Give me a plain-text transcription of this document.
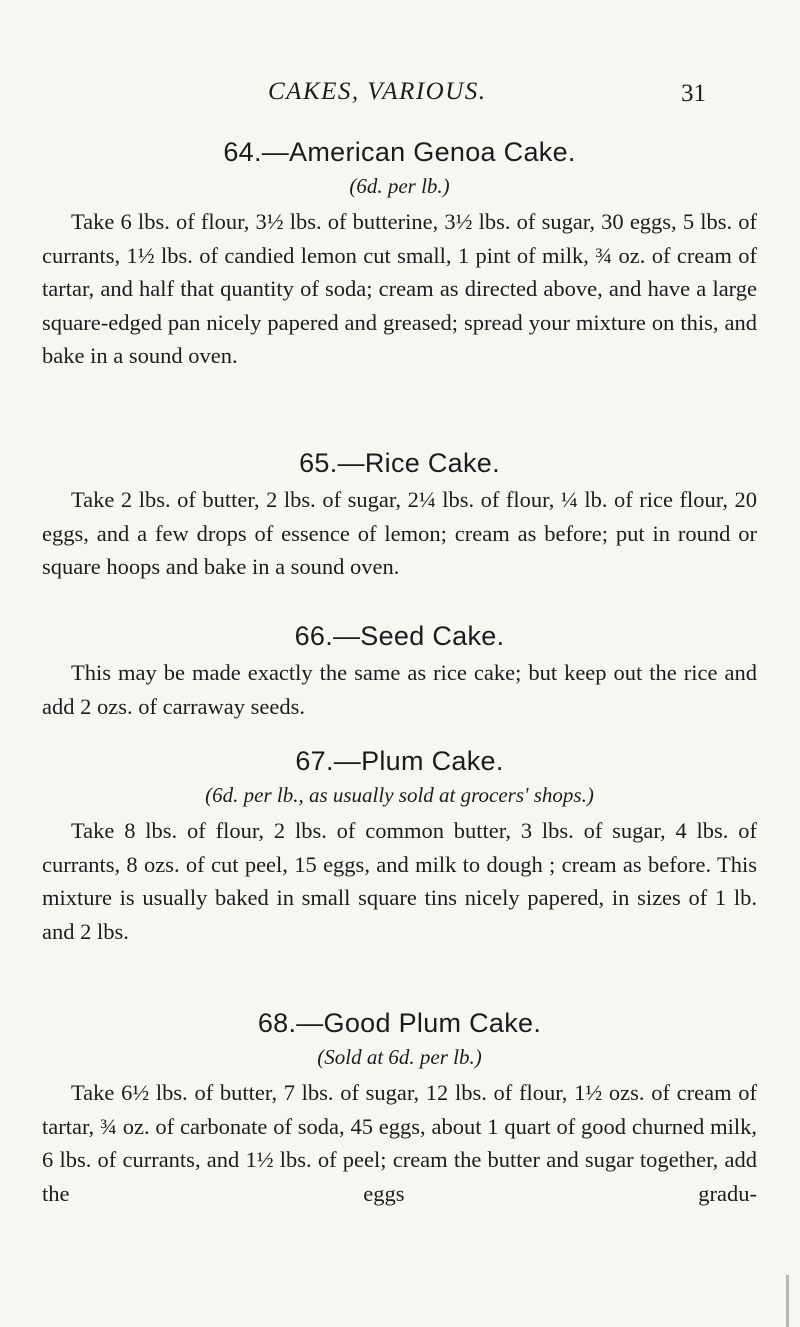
CAKES, VARIOUS.	31
64.—American Genoa Cake.

(6d. per lb.)

Take 6 lbs. of flour, 3½ lbs. of butterine, 3½ lbs. of sugar, 30 eggs, 5 lbs. of currants, 1½ lbs. of candied lemon cut small, 1 pint of milk, ¾ oz. of cream of tartar, and half that quantity of soda; cream as directed above, and have a large square-edged pan nicely papered and greased; spread your mixture on this, and bake in a sound oven.

65.—Rice Cake.

Take 2 lbs. of butter, 2 lbs. of sugar, 2¼ lbs. of flour, ¼ lb. of rice flour, 20 eggs, and a few drops of essence of lemon; cream as before; put in round or square hoops and bake in a sound oven.

66.—Seed Cake.

This may be made exactly the same as rice cake; but keep out the rice and add 2 ozs. of carraway seeds.

67.—Plum Cake.

(6d. per lb., as usually sold at grocers' shops.)

Take 8 lbs. of flour, 2 lbs. of common butter, 3 lbs. of sugar, 4 lbs. of currants, 8 ozs. of cut peel, 15 eggs, and milk to dough ; cream as before. This mixture is usually baked in small square tins nicely papered, in sizes of 1 lb. and 2 lbs.

68.—Good Plum Cake.

(Sold at 6d. per lb.)

Take 6½ lbs. of butter, 7 lbs. of sugar, 12 lbs. of flour, 1½ ozs. of cream of tartar, ¾ oz. of carbonate of soda, 45 eggs, about 1 quart of good churned milk, 6 lbs. of currants, and 1½ lbs. of peel; cream the butter and sugar together, add the eggs gradu-
